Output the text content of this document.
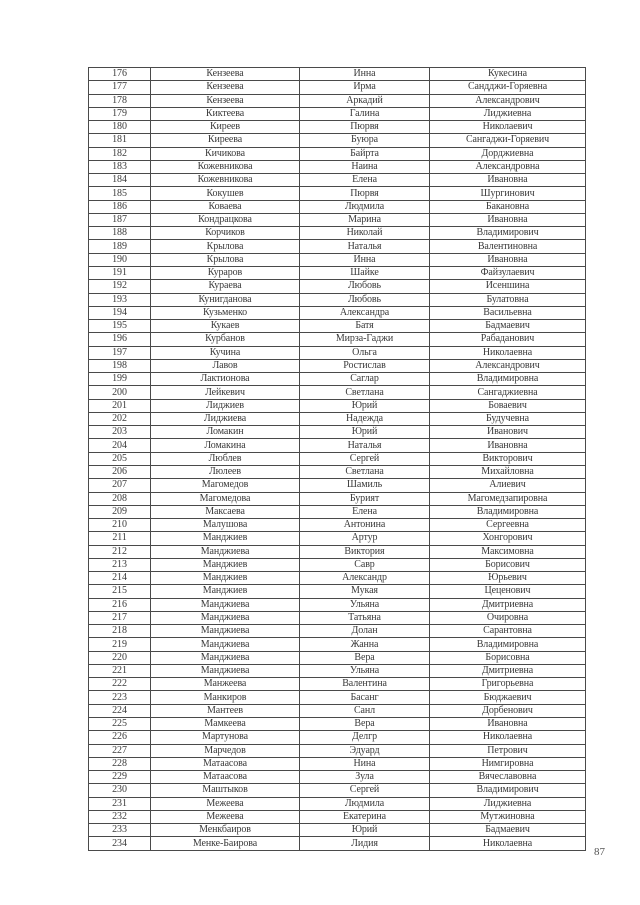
176	Кензеева	Инна	Кукесина
177	Кензеева	Ирма	Сандджи-Горяевна
178	Кензеева	Аркадий	Александрович
179	Киктеева	Галина	Лиджиевна
180	Киреев	Пюрвя	Николаевич
181	Киреева	Буюра	Сангаджи-Горяевич
182	Кичикова	Байрта	Дорджиевна
183	Кожевникова	Наина	Александровна
184	Кожевникова	Елена	Ивановна
185	Кокушев	Пюрвя	Шургинович
186	Коваева	Людмила	Бакановна
187	Кондрацкова	Марина	Ивановна
188	Корчиков	Николай	Владимирович
189	Крылова	Наталья	Валентиновна
190	Крылова	Инна	Ивановна
191	Кураров	Шайке	Файзулаевич
192	Кураева	Любовь	Исеншина
193	Кунигданова	Любовь	Булатовна
194	Кузьменко	Александра	Васильевна
195	Кукаев	Батя	Бадмаевич
196	Курбанов	Мирза-Гаджи	Рабаданович
197	Кучина	Ольга	Николаевна
198	Лавов	Ростислав	Александрович
199	Лактионова	Саглар	Владимировна
200	Лейкевич	Светлана	Сангаджиевна
201	Лиджиев	Юрий	Боваевич
202	Лиджиева	Надежда	Будучевна
203	Ломакин	Юрий	Иванович
204	Ломакина	Наталья	Ивановна
205	Люблев	Сергей	Викторович
206	Люлеев	Светлана	Михайловна
207	Магомедов	Шамиль	Алиевич
208	Магомедова	Бурият	Магомедзапировна
209	Максаева	Елена	Владимировна
210	Малушова	Антонина	Сергеевна
211	Манджиев	Артур	Хонгорович
212	Манджиева	Виктория	Максимовна
213	Манджиев	Савр	Борисович
214	Манджиев	Александр	Юрьевич
215	Манджиев	Мукая	Цеценович
216	Манджиева	Ульяна	Дмитриевна
217	Манджиева	Татьяна	Очировна
218	Манджиева	Долан	Сарантовна
219	Манджиева	Жанна	Владимировна
220	Манджиева	Вера	Борисовна
221	Манджиева	Ульяна	Дмитриевна
222	Манжеева	Валентина	Григорьевна
223	Манкиров	Басанг	Бюджаевич
224	Мантеев	Санл	Дорбенович
225	Мамкеева	Вера	Ивановна
226	Мартунова	Делгр	Николаевна
227	Марчедов	Эдуард	Петрович
228	Матаасова	Нина	Нимгировна
229	Матаасова	Зула	Вячеславовна
230	Маштыков	Сергей	Владимирович
231	Межеева	Людмила	Лиджиевна
232	Межеева	Екатерина	Мутжиновна
233	Менкбаиров	Юрий	Бадмаевич
234	Менке-Баирова	Лидия	Николаевна
87
